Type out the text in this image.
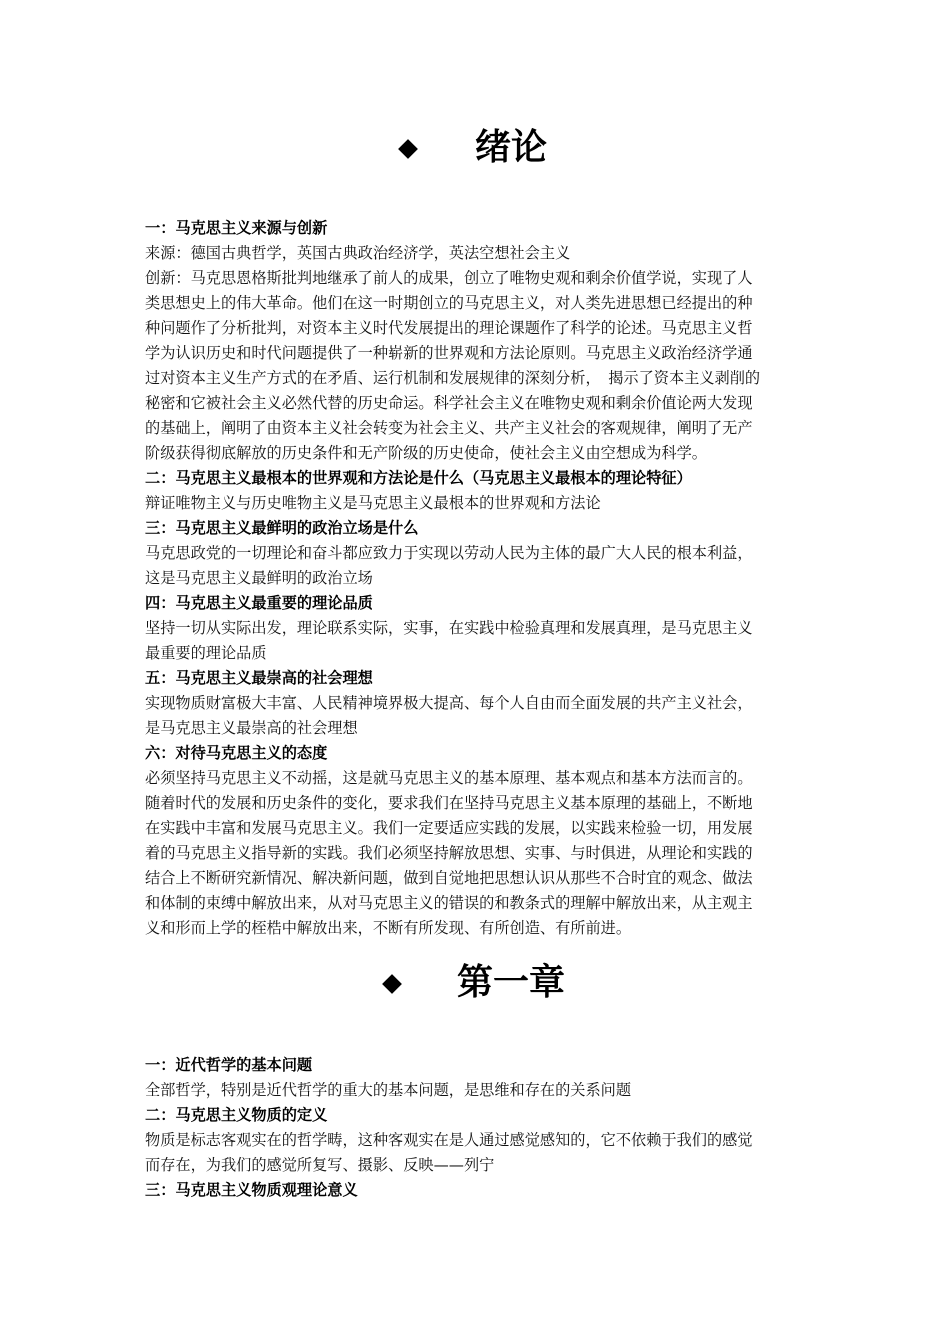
绪论
一：马克思主义来源与创新
来源：德国古典哲学，英国古典政治经济学，英法空想社会主义
创新：马克思恩格斯批判地继承了前人的成果，创立了唯物史观和剩余价值学说，实现了人
类思想史上的伟大革命。他们在这一时期创立的马克思主义，对人类先进思想已经提出的种
种问题作了分析批判，对资本主义时代发展提出的理论课题作了科学的论述。马克思主义哲
学为认识历史和时代问题提供了一种崭新的世界观和方法论原则。马克思主义政治经济学通
过对资本主义生产方式的在矛盾、运行机制和发展规律的深刻分析，　揭示了资本主义剥削的
秘密和它被社会主义必然代替的历史命运。科学社会主义在唯物史观和剩余价值论两大发现
的基础上，阐明了由资本主义社会转变为社会主义、共产主义社会的客观规律，阐明了无产
阶级获得彻底解放的历史条件和无产阶级的历史使命，使社会主义由空想成为科学。
二：马克思主义最根本的世界观和方法论是什么（马克思主义最根本的理论特征）
辩证唯物主义与历史唯物主义是马克思主义最根本的世界观和方法论
三：马克思主义最鲜明的政治立场是什么
马克思政党的一切理论和奋斗都应致力于实现以劳动人民为主体的最广大人民的根本利益，
这是马克思主义最鲜明的政治立场
四：马克思主义最重要的理论品质
坚持一切从实际出发，理论联系实际，实事，在实践中检验真理和发展真理，是马克思主义
最重要的理论品质
五：马克思主义最崇高的社会理想
实现物质财富极大丰富、人民精神境界极大提高、每个人自由而全面发展的共产主义社会，
是马克思主义最崇高的社会理想
六：对待马克思主义的态度
必须坚持马克思主义不动摇，这是就马克思主义的基本原理、基本观点和基本方法而言的。
随着时代的发展和历史条件的变化，要求我们在坚持马克思主义基本原理的基础上，不断地
在实践中丰富和发展马克思主义。我们一定要适应实践的发展，以实践来检验一切，用发展
着的马克思主义指导新的实践。我们必须坚持解放思想、实事、与时俱进，从理论和实践的
结合上不断研究新情况、解决新问题，做到自觉地把思想认识从那些不合时宜的观念、做法
和体制的束缚中解放出来，从对马克思主义的错误的和教条式的理解中解放出来，从主观主
义和形而上学的桎梏中解放出来，不断有所发现、有所创造、有所前进。
第一章
一：近代哲学的基本问题
全部哲学，特别是近代哲学的重大的基本问题，是思维和存在的关系问题
二：马克思主义物质的定义
物质是标志客观实在的哲学畴，这种客观实在是人通过感觉感知的，它不依赖于我们的感觉
而存在，为我们的感觉所复写、摄影、反映——列宁
三：马克思主义物质观理论意义
